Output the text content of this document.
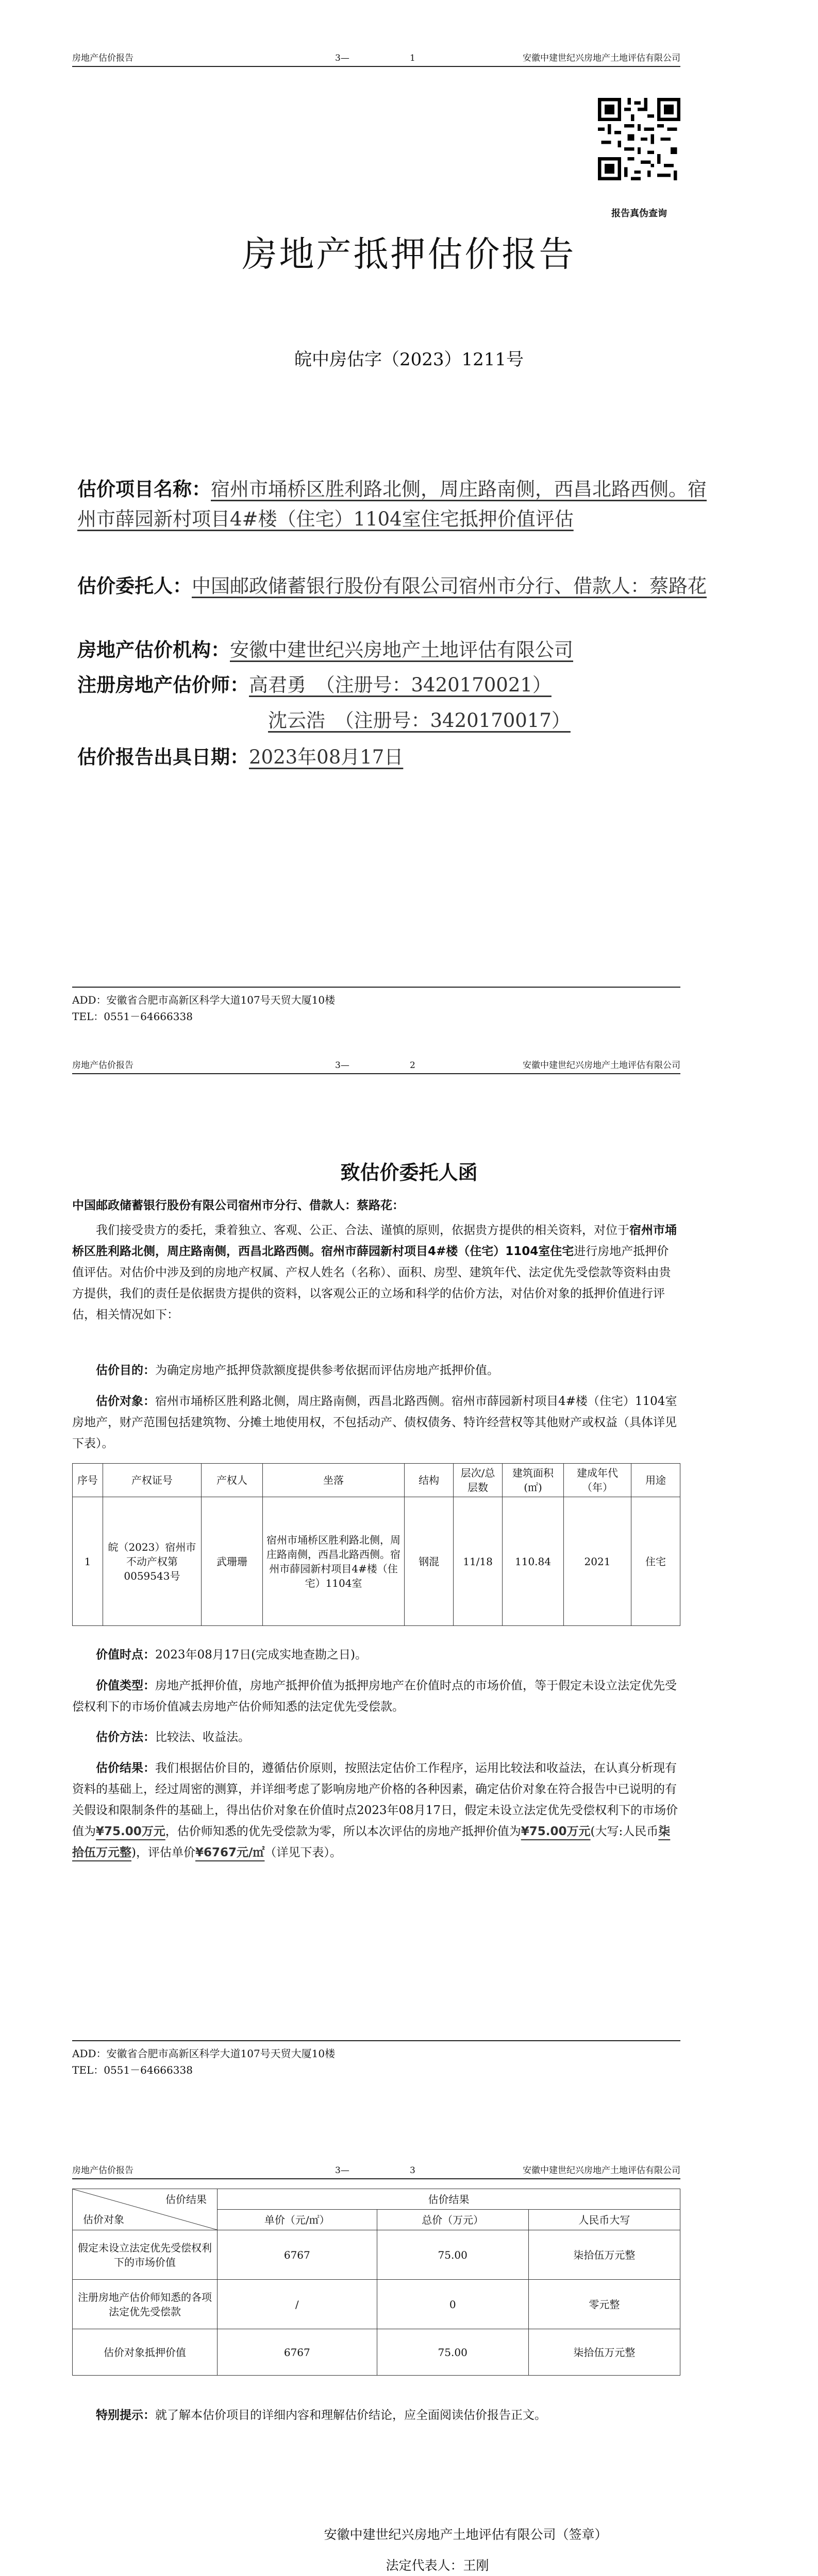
房地产估价报告	3—	1	安徽中建世纪兴房地产土地评估有限公司
报告真伪查询
房地产抵押估价报告
皖中房估字（2023）1211号
估价项目名称：宿州市埇桥区胜利路北侧，周庄路南侧，西昌北路西侧。宿州市薛园新村项目4#楼（住宅）1104室住宅抵押价值评估
估价委托人：中国邮政储蓄银行股份有限公司宿州市分行、借款人：蔡路花
房地产估价机构：安徽中建世纪兴房地产土地评估有限公司
注册房地产估价师：高君勇　（注册号：3420170021）
沈云浩　（注册号：3420170017）
估价报告出具日期：2023年08月17日
ADD：安徽省合肥市高新区科学大道107号天贸大厦10楼
TEL：0551－64666338
房地产估价报告	3—	2	安徽中建世纪兴房地产土地评估有限公司
致估价委托人函
中国邮政储蓄银行股份有限公司宿州市分行、借款人：蔡路花：
我们接受贵方的委托，秉着独立、客观、公正、合法、谨慎的原则，依据贵方提供的相关资料，对位于宿州市埇桥区胜利路北侧，周庄路南侧，西昌北路西侧。宿州市薛园新村项目4#楼（住宅）1104室住宅进行房地产抵押价值评估。对估价中涉及到的房地产权属、产权人姓名（名称）、面积、房型、建筑年代、法定优先受偿款等资料由贵方提供，我们的责任是依据贵方提供的资料，以客观公正的立场和科学的估价方法，对估价对象的抵押价值进行评估，相关情况如下：
估价目的：为确定房地产抵押贷款额度提供参考依据而评估房地产抵押价值。
估价对象：宿州市埇桥区胜利路北侧，周庄路南侧，西昌北路西侧。宿州市薛园新村项目4#楼（住宅）1104室房地产，财产范围包括建筑物、分摊土地使用权，不包括动产、债权债务、特许经营权等其他财产或权益（具体详见下表）。
序号	产权证号	产权人	坐落	结构	层次/总层数	建筑面积(㎡)	建成年代（年）	用途
1	皖（2023）宿州市不动产权第0059543号	武珊珊	宿州市埇桥区胜利路北侧，周庄路南侧，西昌北路西侧。宿州市薛园新村项目4#楼（住宅）1104室	钢混	11/18	110.84	2021	住宅
价值时点：2023年08月17日(完成实地查勘之日)。
价值类型：房地产抵押价值，房地产抵押价值为抵押房地产在价值时点的市场价值，等于假定未设立法定优先受偿权利下的市场价值减去房地产估价师知悉的法定优先受偿款。
估价方法：比较法、收益法。
估价结果：我们根据估价目的，遵循估价原则，按照法定估价工作程序，运用比较法和收益法，在认真分析现有资料的基础上，经过周密的测算，并详细考虑了影响房地产价格的各种因素，确定估价对象在符合报告中已说明的有关假设和限制条件的基础上，得出估价对象在价值时点2023年08月17日，假定未设立法定优先受偿权利下的市场价值为¥75.00万元，估价师知悉的优先受偿款为零，所以本次评估的房地产抵押价值为¥75.00万元(大写:人民币柒拾伍万元整)，评估单价¥6767元/㎡（详见下表）。
ADD：安徽省合肥市高新区科学大道107号天贸大厦10楼
TEL：0551－64666338
房地产估价报告	3—	3	安徽中建世纪兴房地产土地评估有限公司
估价结果
估价对象	估价结果		
	单价（元/㎡）	总价（万元）	人民币大写
假定未设立法定优先受偿权利下的市场价值	6767	75.00	柒拾伍万元整
注册房地产估价师知悉的各项法定优先受偿款	/	0	零元整
估价对象抵押价值	6767	75.00	柒拾伍万元整
特别提示：就了解本估价项目的详细内容和理解估价结论，应全面阅读估价报告正文。
安徽中建世纪兴房地产土地评估有限公司（签章）
法定代表人：王刚
